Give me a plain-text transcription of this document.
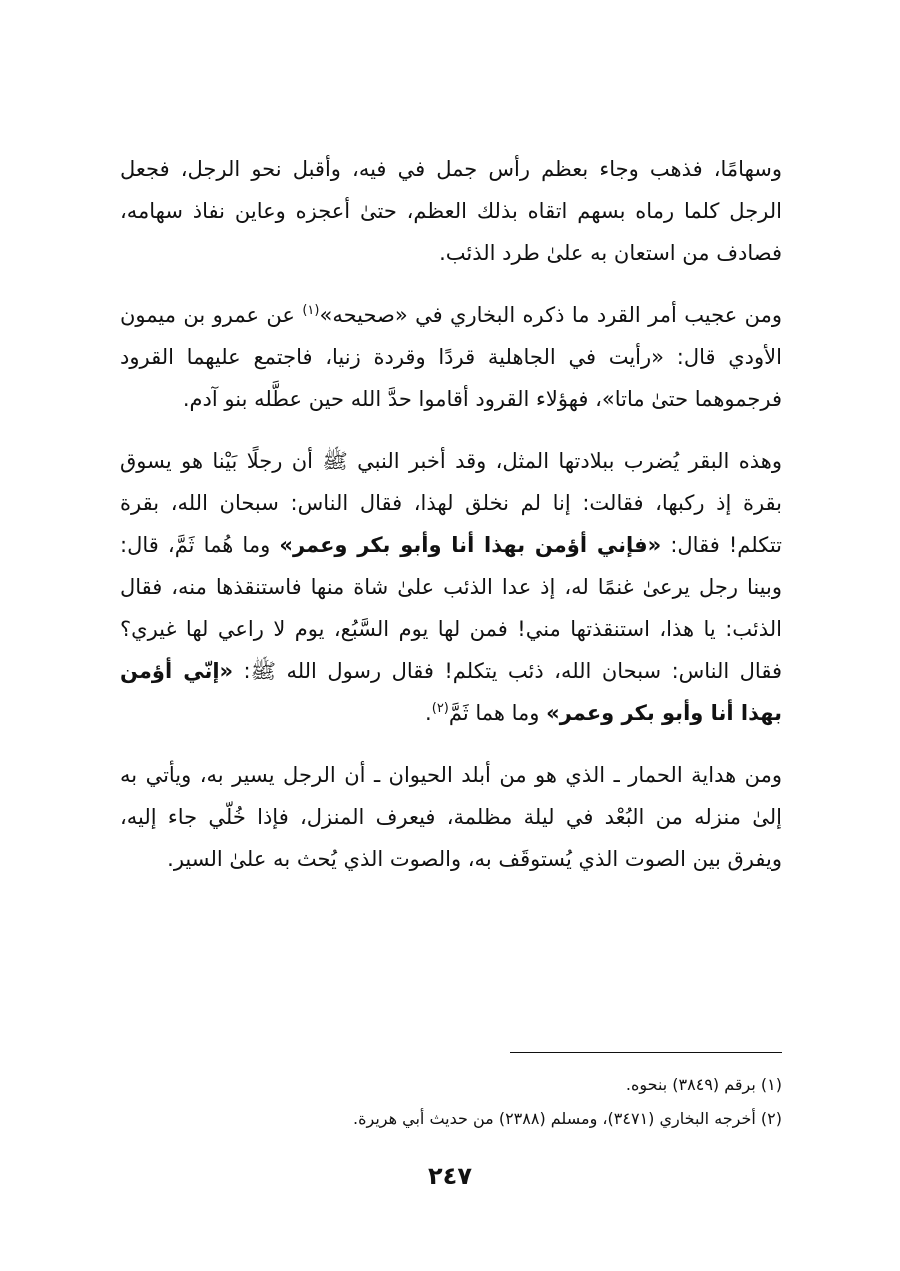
وسهامًا، فذهب وجاء بعظم رأس جمل في فيه، وأقبل نحو الرجل، فجعل الرجل كلما رماه بسهم اتقاه بذلك العظم، حتىٰ أعجزه وعاين نفاذ سهامه، فصادف من استعان به علىٰ طرد الذئب.

ومن عجيب أمر القرد ما ذكره البخاري في «صحيحه»$^{(١)}$ عن عمرو بن ميمون الأودي قال: «رأيت في الجاهلية قردًا وقردة زنيا، فاجتمع عليهما القرود فرجموهما حتىٰ ماتا»، فهؤلاء القرود أقاموا حدَّ الله حين عطَّله بنو آدم.

وهذه البقر يُضرب ببلادتها المثل، وقد أخبر النبي ﷺ أن رجلًا بَيْنا هو يسوق بقرة إذ ركبها، فقالت: إنا لم نخلق لهذا، فقال الناس: سبحان الله، بقرة تتكلم! فقال: «فإني أؤمن بهذا أنا وأبو بكر وعمر» وما هُما ثَمَّ، قال: وبينا رجل يرعىٰ غنمًا له، إذ عدا الذئب علىٰ شاة منها فاستنقذها منه، فقال الذئب: يا هذا، استنقذتها مني! فمن لها يوم السَّبُع، يوم لا راعي لها غيري؟ فقال الناس: سبحان الله، ذئب يتكلم! فقال رسول الله ﷺ: «إنّي أؤمن بهذا أنا وأبو بكر وعمر» وما هما ثَمَّ$^{(٢)}$.

ومن هداية الحمار ـ الذي هو من أبلد الحيوان ـ أن الرجل يسير به، ويأتي به إلىٰ منزله من البُعْد في ليلة مظلمة، فيعرف المنزل، فإذا خُلّي جاء إليه، ويفرق بين الصوت الذي يُستوقَف به، والصوت الذي يُحث به علىٰ السير.

(١) برقم (٣٨٤٩) بنحوه.
(٢) أخرجه البخاري (٣٤٧١)، ومسلم (٢٣٨٨) من حديث أبي هريرة.
٢٤٧
